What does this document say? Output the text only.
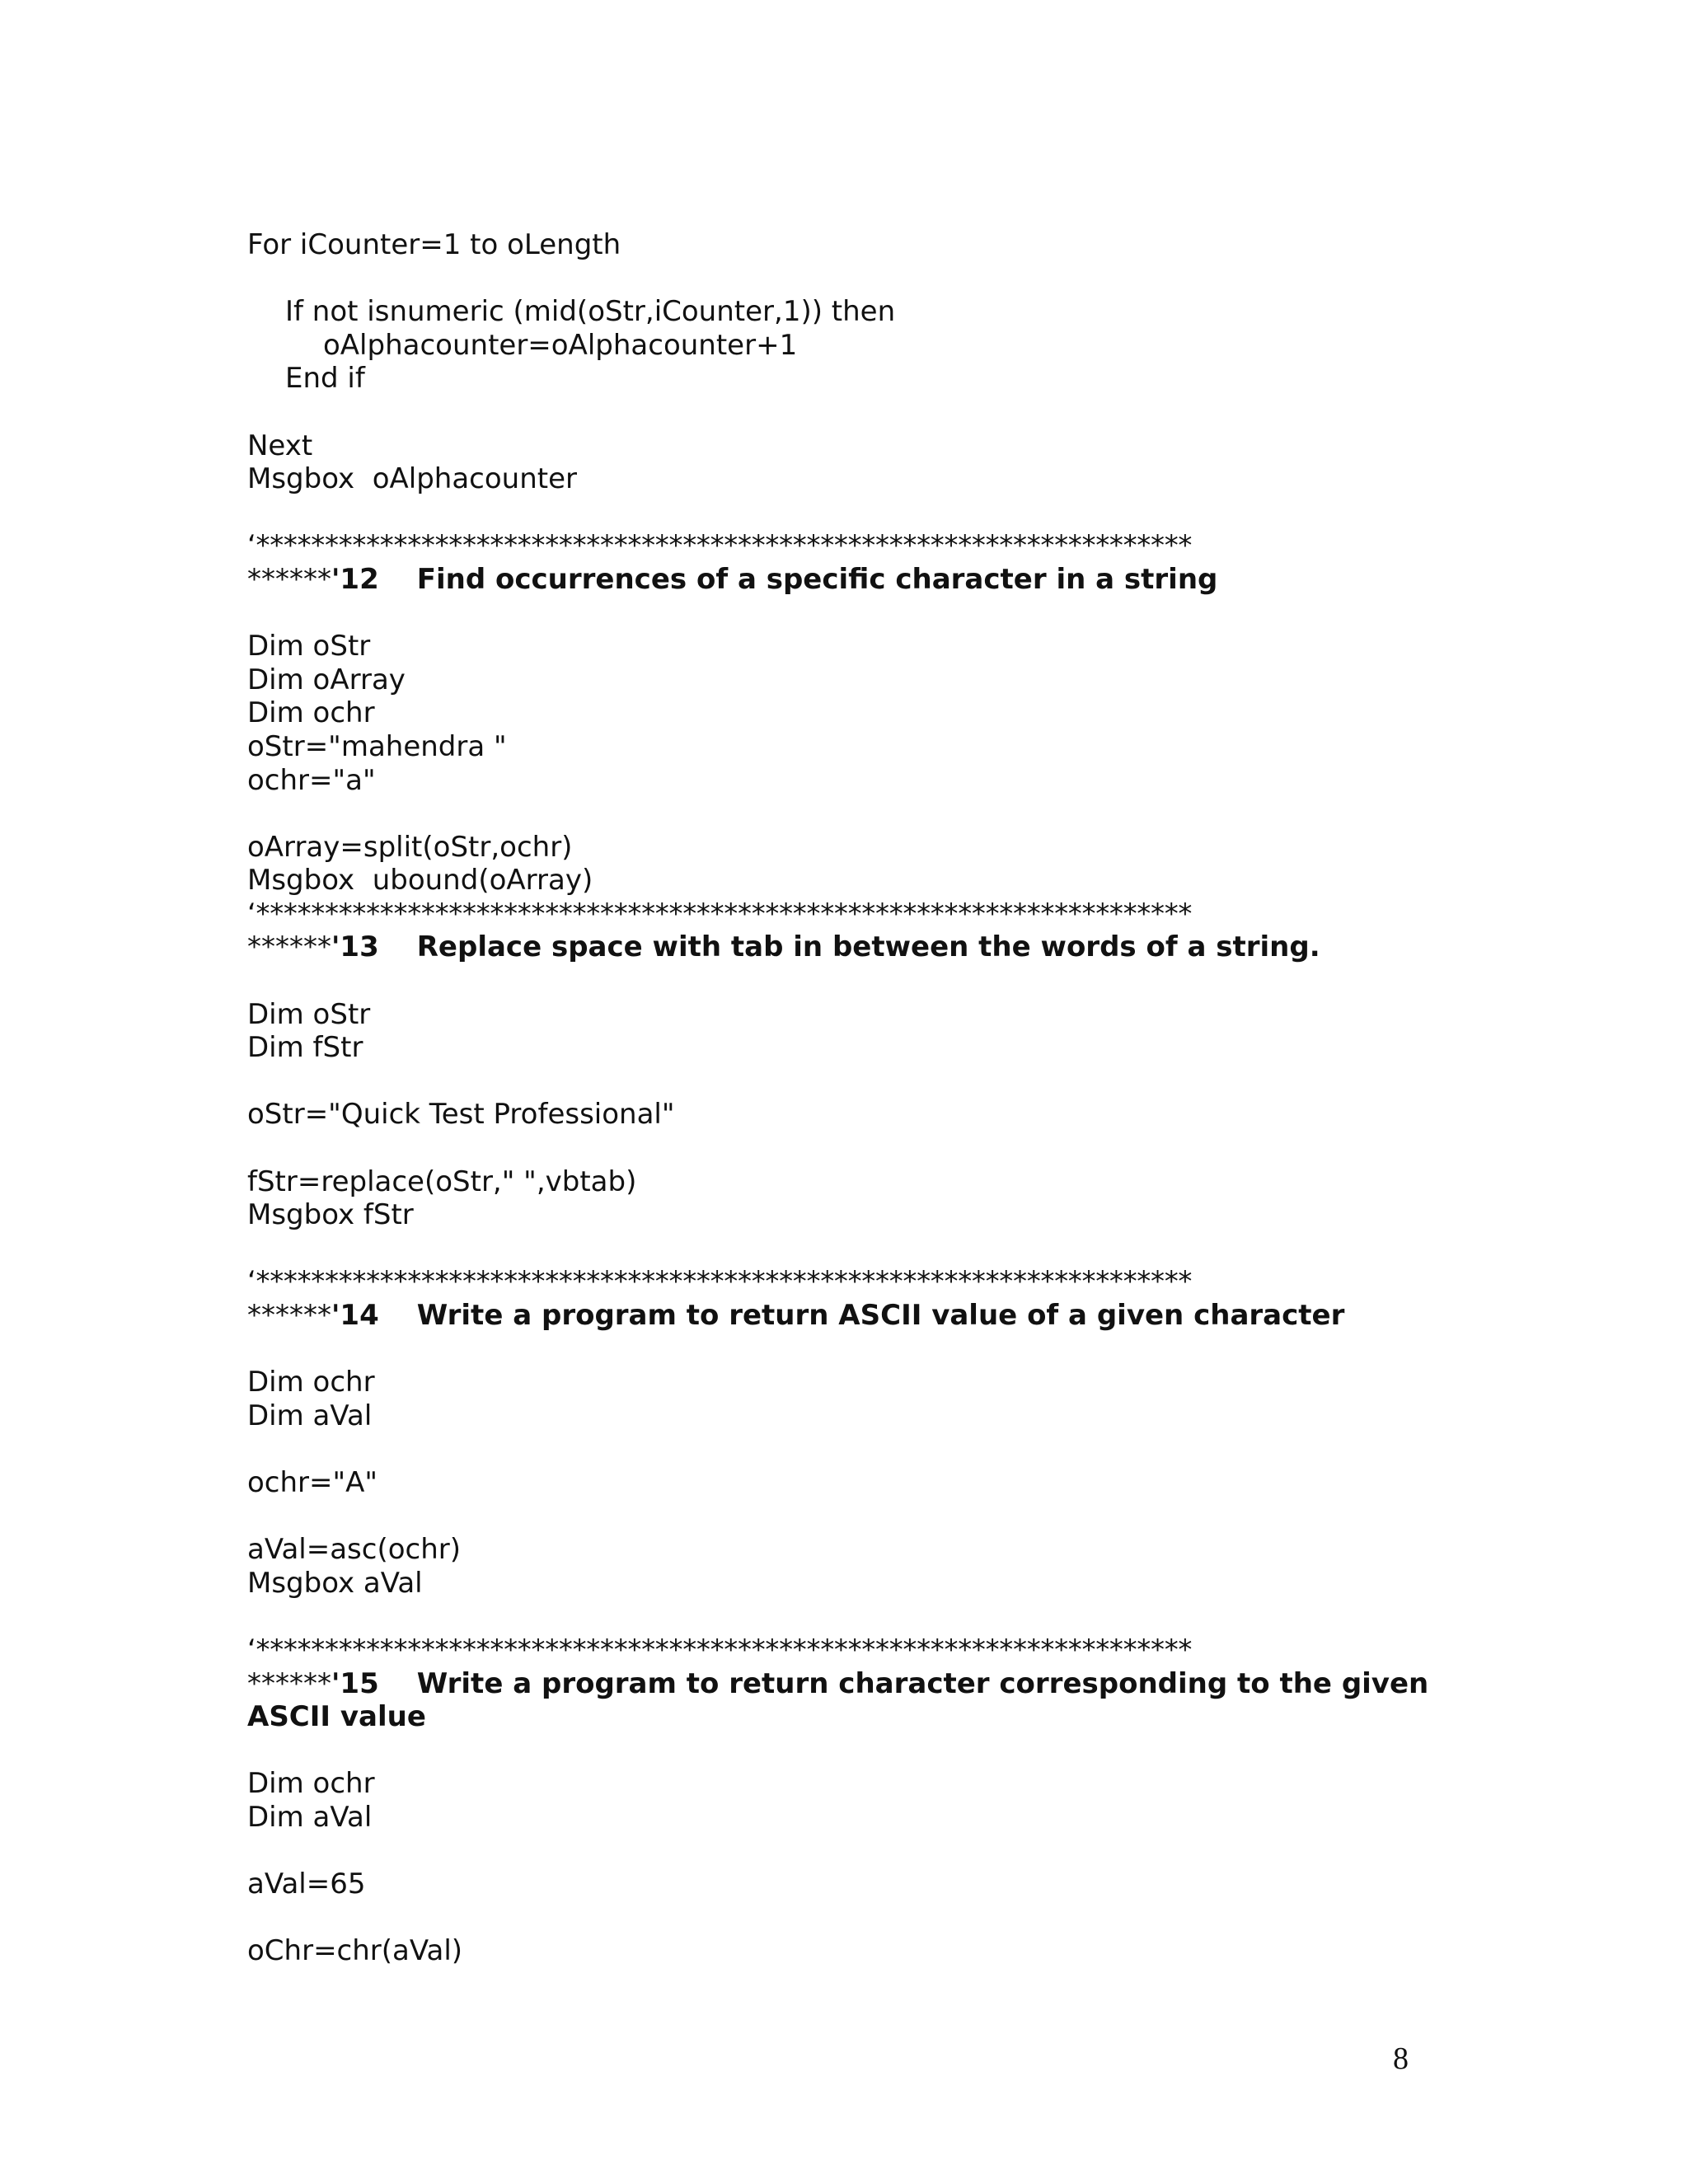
For iCounter=1 to oLength
If not isnumeric (mid(oStr,iCounter,1)) then
oAlphacounter=oAlphacounter+1
End if
Next
Msgbox  oAlphacounter
‘********************************************************************
******'12 Find occurrences of a specific character in a string
Dim oStr
Dim oArray
Dim ochr
oStr="mahendra "
ochr="a"
oArray=split(oStr,ochr)
Msgbox  ubound(oArray)
‘********************************************************************
******'13 Replace space with tab in between the words of a string.
Dim oStr
Dim fStr
oStr="Quick Test Professional"
fStr=replace(oStr," ",vbtab)
Msgbox fStr
‘********************************************************************
******'14 Write a program to return ASCII value of a given character
Dim ochr
Dim aVal
ochr="A"
aVal=asc(ochr)
Msgbox aVal
‘********************************************************************
******'15 Write a program to return character corresponding to the given
ASCII value
Dim ochr
Dim aVal
aVal=65
oChr=chr(aVal)
8
